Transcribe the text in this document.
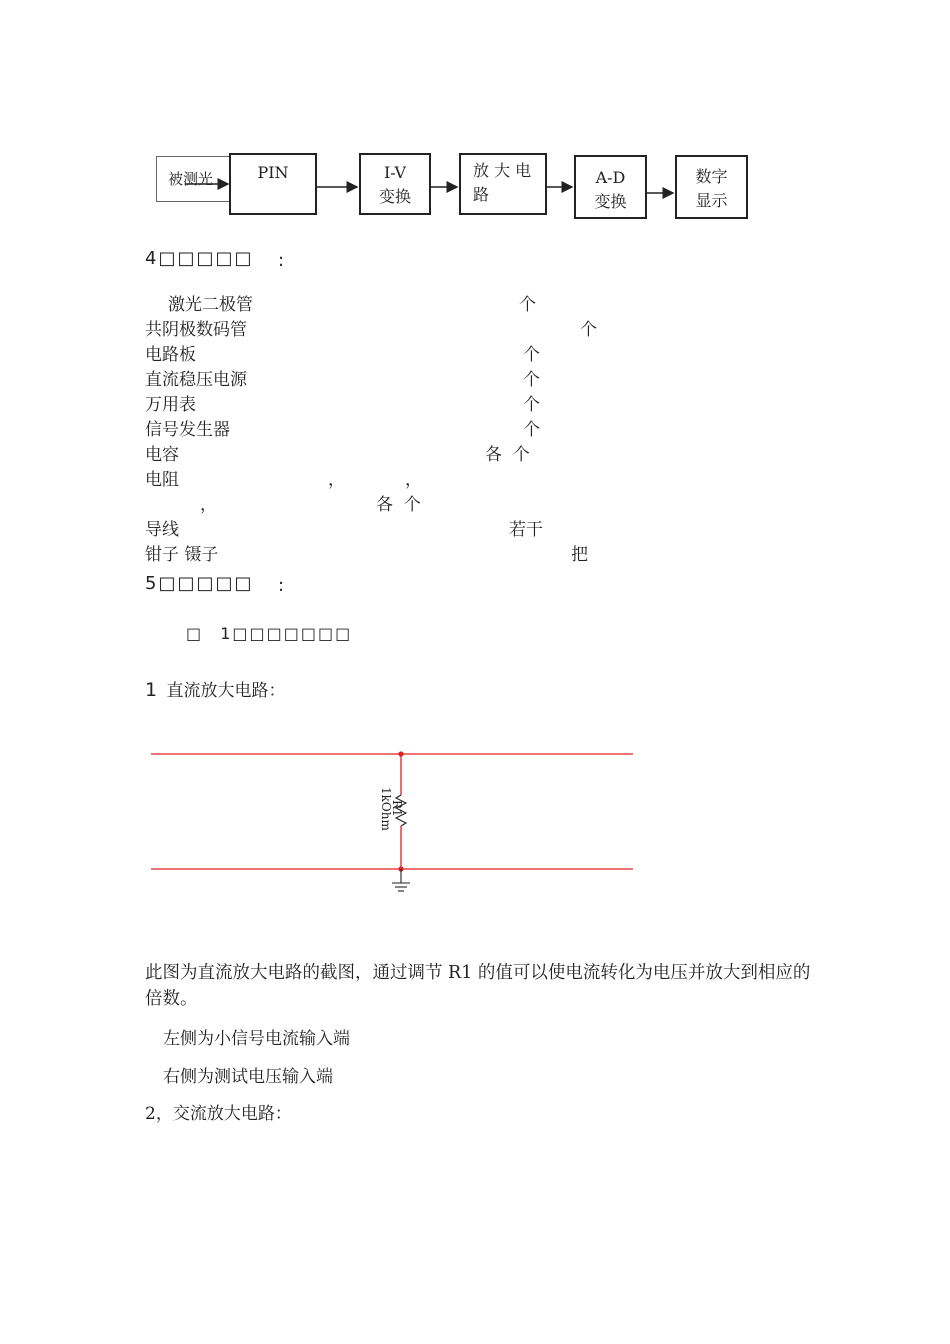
被测光	PIN	I-V
变换
放 大 电
路
A-D
变换
数字
显示
4□□□□□ :
激光二极管	个
共阴极数码管	个
电路板	个
直流稳压电源	个
万用表	个
信号发生器	个
电容	各  个
电阻	，	，
，	各  个
导线	若干
钳子 镊子	把
5□□□□□ :
□ 1□□□□□□□
1 直流放大电路：
R1
1kOhm
此图为直流放大电路的截图，通过调节 R1 的值可以使电流转化为电压并放大到相应的倍数。
左侧为小信号电流输入端
右侧为测试电压输入端
2，交流放大电路：
